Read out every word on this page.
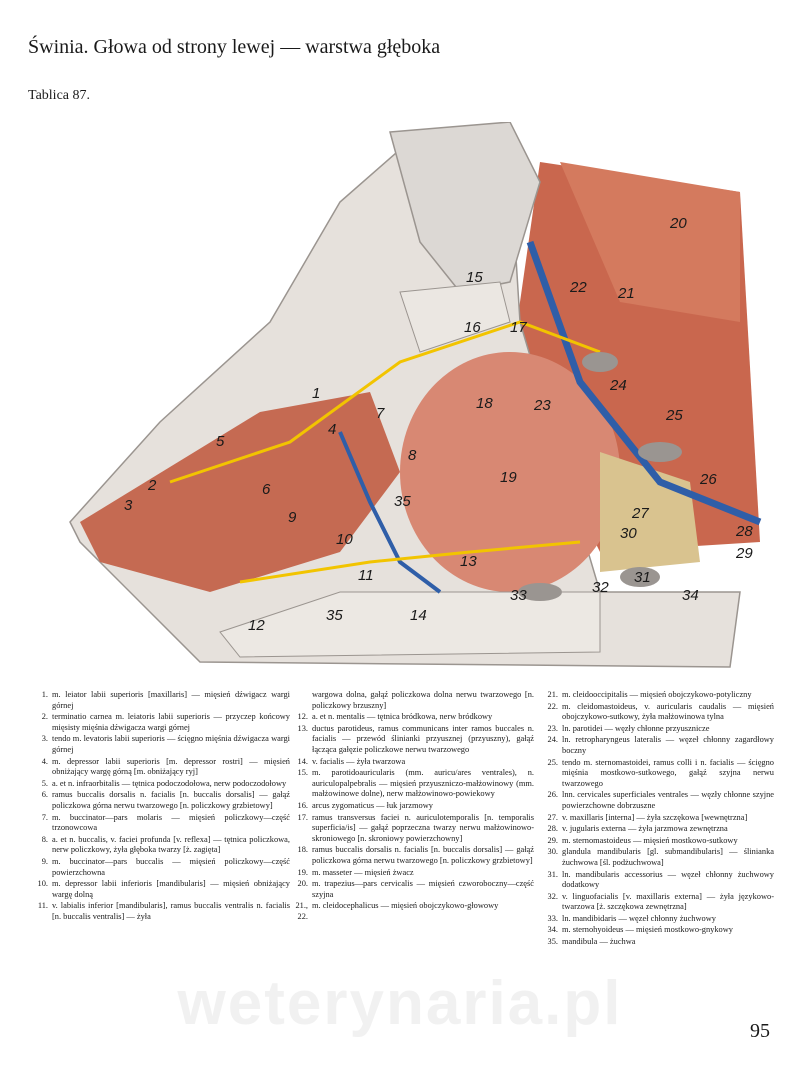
Świnia. Głowa od strony lewej — warstwa głęboka
Tablica 87.
1
2
3
4
5
6
7
8
9
10
11
12
13
14
15
16 17
18
19
20
21
22
23
24
25
26
27
28
29
30
31
32
33	34
35
35
1. m. leiator labii superioris [maxillaris] — mięsień dźwigacz wargi górnej
2. terminatio carnea m. leiatoris labii superioris — przyczep końcowy mięsisty mięśnia dźwigacza wargi górnej
3. tendo m. levatoris labii superioris — ścięgno mięśnia dźwigacza wargi górnej
4. m. depressor labii superioris [m. depressor rostri] — mięsień obniżający wargę górną [m. obniżający ryj]
5. a. et n. infraorbitalis — tętnica podoczodołowa, nerw podoczodołowy
6. ramus buccalis dorsalis n. facialis [n. buccalis dorsalis] — gałąź policzkowa górna nerwu twarzowego [n. policzkowy grzbietowy]
7. m. buccinator—pars molaris — mięsień policzkowy—część trzonowcowa
8. a. et n. buccalis, v. faciei profunda [v. reflexa] — tętnica policzkowa, nerw policzkowy, żyła głęboka twarzy [ż. zagięta]
9. m. buccinator—pars buccalis — mięsień policzkowy—część powierzchowna
10. m. depressor labii inferioris [mandibularis] — mięsień obniżający wargę dolną
11. v. labialis inferior [mandibularis], ramus buccalis ventralis n. facialis [n. buccalis ventralis] — żyła
wargowa dolna, gałąź policzkowa dolna nerwu twarzowego [n. policzkowy brzuszny]
12. a. et n. mentalis — tętnica bródkowa, nerw bródkowy
13. ductus parotideus, ramus communicans inter ramos buccales n. facialis — przewód ślinianki przyusznej (przyuszny), gałąź łącząca gałęzie policzkowe nerwu twarzowego
14. v. facialis — żyła twarzowa
15. m. parotidoauricularis (mm. auricu/ares ventrales), n. auriculopalpebralis — mięsień przyuszniczo-małżowinowy (mm. małżowinowe dolne), nerw małżowinowo-powiekowy
16. arcus zygomaticus — łuk jarzmowy
17. ramus transversus faciei n. auriculotemporalis [n. temporalis superficia/is] — gałąź poprzeczna twarzy nerwu małżowinowo-skroniowego [n. skroniowy powierzchowny]
18. ramus buccalis dorsalis n. facialis [n. buccalis dorsalis] — gałąź policzkowa górna nerwu twarzowego [n. policzkowy grzbietowy]
19. m. masseter — mięsień żwacz
20. m. trapezius—pars cervicalis — mięsień czworoboczny—część szyjna
21., 22.
m. cleidocephalicus — mięsień obojczykowo-głowowy
21. m. cleidooccipitalis — mięsień obojczykowo-potyliczny
22. m. cleidomastoideus, v. auricularis caudalis — mięsień obojczykowo-sutkowy, żyła małżowinowa tylna
23. ln. parotidei — węzły chłonne przyusznicze
24. ln. retropharyngeus lateralis — węzeł chłonny zagardłowy boczny
25. tendo m. sternomastoidei, ramus colli i n. facialis — ścięgno mięśnia mostkowo-sutkowego, gałąź szyjna nerwu twarzowego
26. lnn. cervicales superficiales ventrales — węzły chłonne szyjne powierzchowne dobrzuszne
27. v. maxillaris [interna] — żyła szczękowa [wewnętrzna]
28. v. jugularis externa — żyła jarzmowa zewnętrzna
29. m. sternomastoideus — mięsień mostkowo-sutkowy
30. glandula mandibularis [gl. submandibularis] — ślinianka żuchwowa [śl. podżuchwowa]
31. ln. mandibularis accessorius — węzeł chłonny żuchwowy dodatkowy
32. v. linguofacialis [v. maxillaris externa] — żyła językowo-twarzowa [ż. szczękowa zewnętrzna]
33. ln. mandibidaris — węzeł chłonny żuchwowy
34. m. sternohyoideus — mięsień mostkowo-gnykowy
35. mandibula — żuchwa
weterynaria.pl	95
